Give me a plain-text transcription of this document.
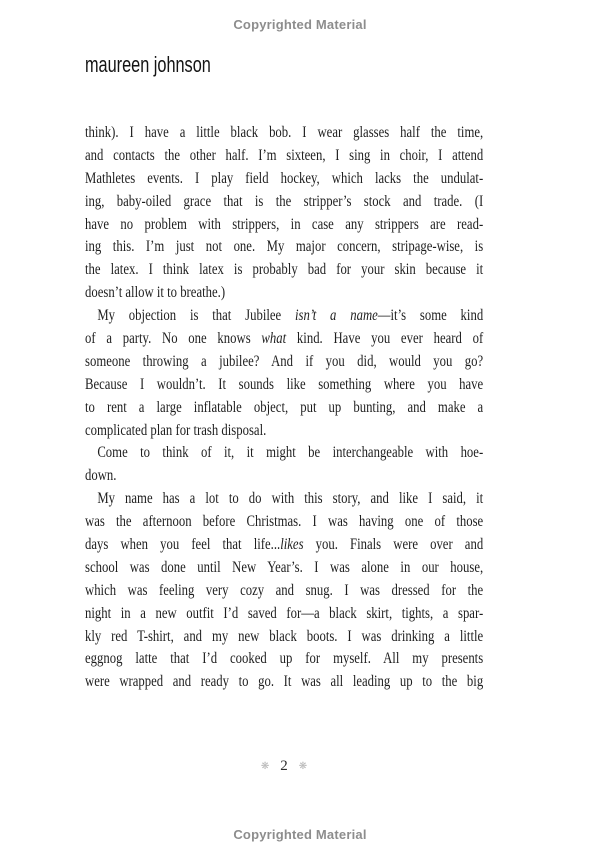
Copyrighted Material
maureen johnson
think). I have a little black bob. I wear glasses half the time,
and contacts the other half. I’m sixteen, I sing in choir, I attend
Mathletes events. I play field hockey, which lacks the undulat-
ing, baby-oiled grace that is the stripper’s stock and trade. (I
have no problem with strippers, in case any strippers are read-
ing this. I’m just not one. My major concern, stripage-wise, is
the latex. I think latex is probably bad for your skin because it
doesn’t allow it to breathe.)
My objection is that Jubilee isn’t a name—it’s some kind
of a party. No one knows what kind. Have you ever heard of
someone throwing a jubilee? And if you did, would you go?
Because I wouldn’t. It sounds like something where you have
to rent a large inflatable object, put up bunting, and make a
complicated plan for trash disposal.
Come to think of it, it might be interchangeable with hoe-
down.
My name has a lot to do with this story, and like I said, it
was the afternoon before Christmas. I was having one of those
days when you feel that life...likes you. Finals were over and
school was done until New Year’s. I was alone in our house,
which was feeling very cozy and snug. I was dressed for the
night in a new outfit I’d saved for—a black skirt, tights, a spar-
kly red T-shirt, and my new black boots. I was drinking a little
eggnog latte that I’d cooked up for myself. All my presents
were wrapped and ready to go. It was all leading up to the big
❋ 2 ❋
Copyrighted Material
